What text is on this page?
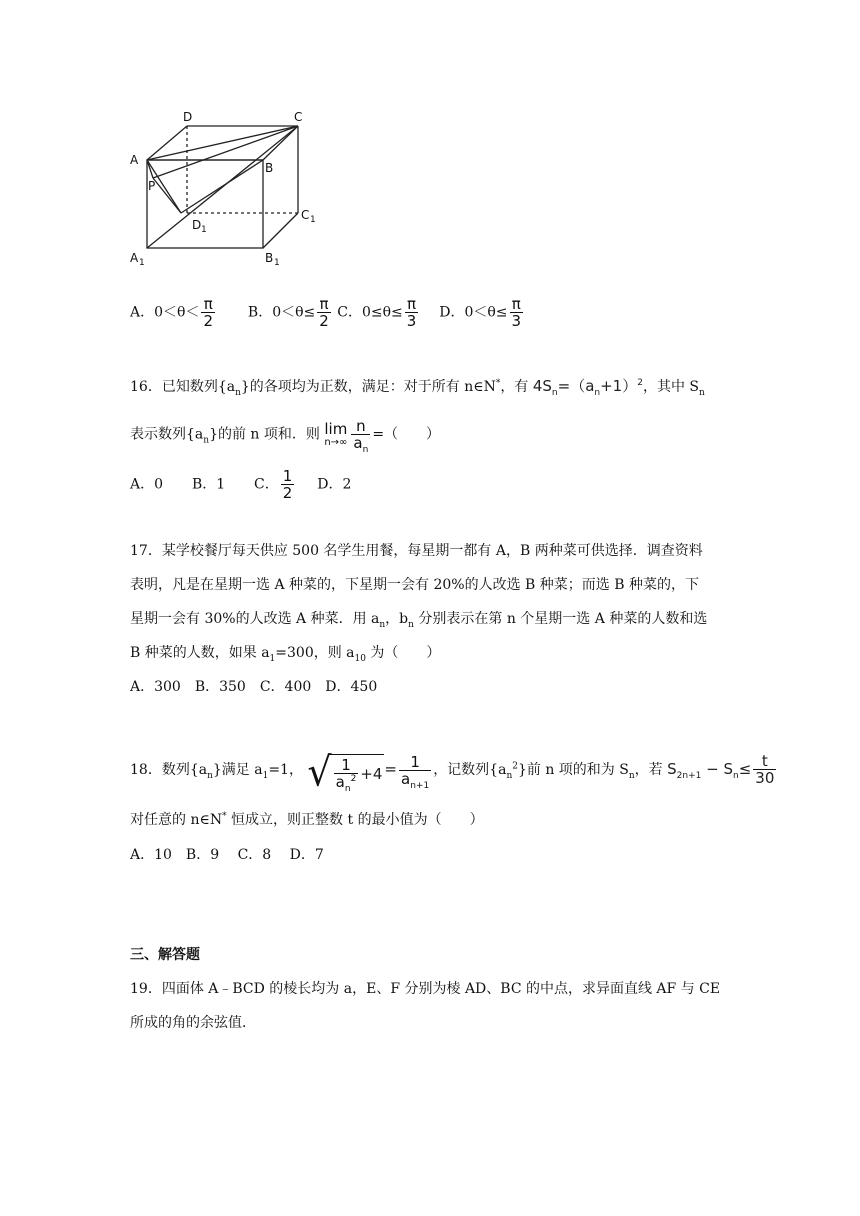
D	C
A
P
B
D 1
C 1
A 1	B 1
A．$0<\theta< \frac{\pi}{2}$ B．$0<\theta\le \frac{\pi}{2}$ C．$0\le\theta\le \frac{\pi}{3}$ D．$0<\theta\le \frac{\pi}{3}$
16．已知数列$\{a_n\}$的各项均为正数，满足：对于所有 n∈N*，有 $4S_n=(a_n+1)^2$，其中 $S_n$
表示数列$\{a_n\}$的前 n 项和．则 lim
$n\to\infty \frac{n}{a_n}$ =（　　）
A．0 B．1 C． $\frac{1}{2}$ D．2
17．某学校餐厅每天供应 500 名学生用餐，每星期一都有 A，B 两种菜可供选择．调查资料
表明，凡是在星期一选 A 种菜的，下星期一会有 20%的人改选 B 种菜；而选 B 种菜的，下
星期一会有 30%的人改选 A 种菜．用 $a_n$，$b_n$ 分别表示在第 n 个星期一选 A 种菜的人数和选
B 种菜的人数，如果 $a_1=300$，则 $a_{10}$ 为（　　）
A．300　B．350　C．400　D．450
18．数列$\{a_n\}$满足 $a_1=1$， √ $\frac{1}{a_n^2} +4 = \frac{1}{a_{n+1}}$ ，记数列$\{a_n^2\}$前 n 项的和为 $S_n$，若 $S_{2n+1} - S_n\le \frac{t}{30}$
对任意的 n∈N* 恒成立，则正整数 t 的最小值为（　　）
A．10　B．9　 C．8　 D．7
三、解答题
19．四面体 A﹣BCD 的棱长均为 a，E、F 分别为棱 AD、BC 的中点，求异面直线 AF 与 CE
所成的角的余弦值．
